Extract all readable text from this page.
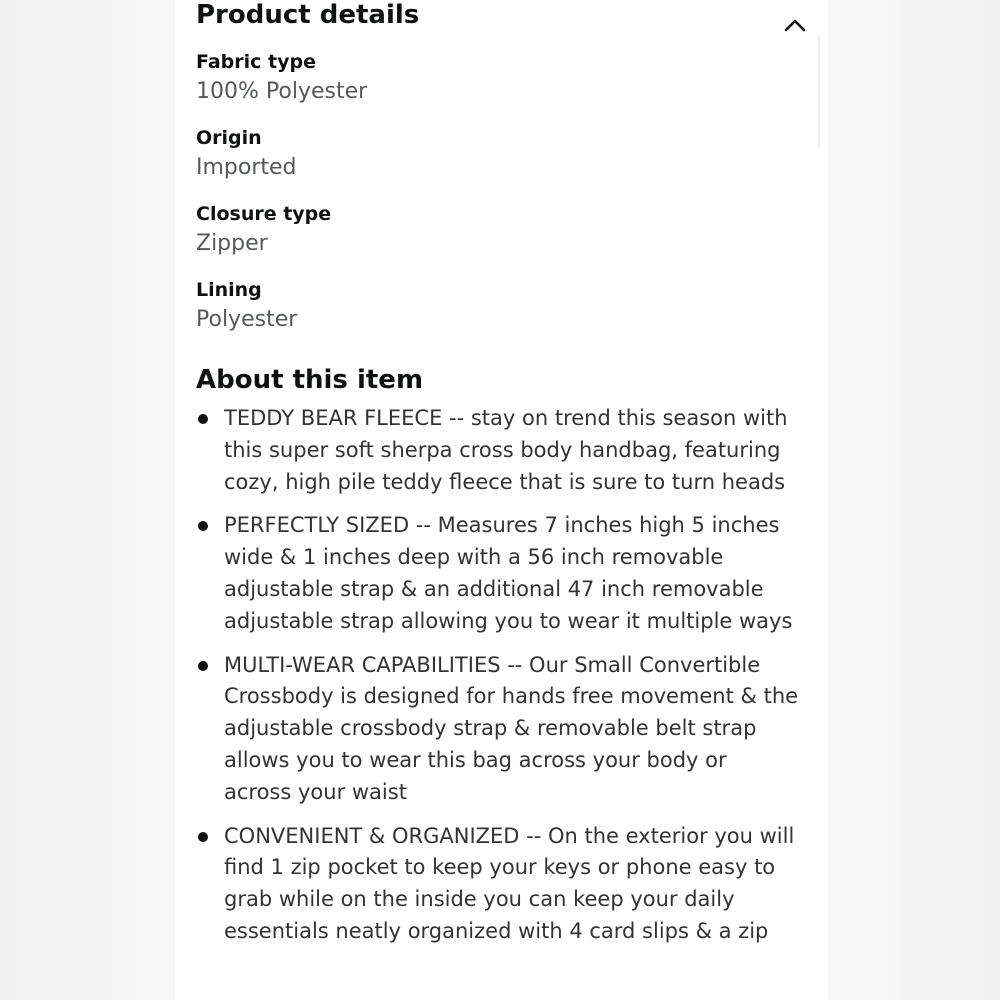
Product details
Fabric type
100% Polyester
Origin
Imported
Closure type
Zipper
Lining
Polyester
About this item
TEDDY BEAR FLEECE -- stay on trend this season with this super soft sherpa cross body handbag, featuring cozy, high pile teddy fleece that is sure to turn heads
PERFECTLY SIZED -- Measures 7 inches high 5 inches wide & 1 inches deep with a 56 inch removable adjustable strap & an additional 47 inch removable adjustable strap allowing you to wear it multiple ways
MULTI-WEAR CAPABILITIES -- Our Small Convertible Crossbody is designed for hands free movement & the adjustable crossbody strap & removable belt strap allows you to wear this bag across your body or across your waist
CONVENIENT & ORGANIZED -- On the exterior you will find 1 zip pocket to keep your keys or phone easy to grab while on the inside you can keep your daily essentials neatly organized with 4 card slips & a zip
